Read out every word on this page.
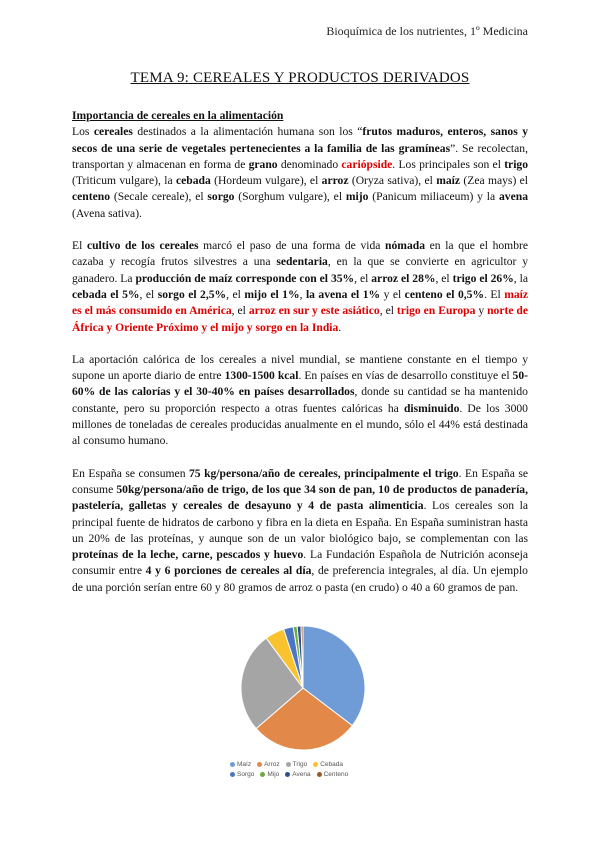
Bioquímica de los nutrientes, 1º Medicina
TEMA 9: CEREALES Y PRODUCTOS DERIVADOS

Importancia de cereales en la alimentación
Los cereales destinados a la alimentación humana son los “frutos maduros, enteros, sanos y secos de una serie de vegetales pertenecientes a la familia de las gramíneas”. Se recolectan, transportan y almacenan en forma de grano denominado cariópside. Los principales son el trigo (Triticum vulgare), la cebada (Hordeum vulgare), el arroz (Oryza sativa), el maíz (Zea mays) el centeno (Secale cereale), el sorgo (Sorghum vulgare), el mijo (Panicum miliaceum) y la avena (Avena sativa).

El cultivo de los cereales marcó el paso de una forma de vida nómada en la que el hombre cazaba y recogía frutos silvestres a una sedentaria, en la que se convierte en agricultor y ganadero. La producción de maíz corresponde con el 35%, el arroz el 28%, el trigo el 26%, la cebada el 5%, el sorgo el 2,5%, el mijo el 1%, la avena el 1% y el centeno el 0,5%. El maíz es el más consumido en América, el arroz en sur y este asiático, el trigo en Europa y norte de África y Oriente Próximo y el mijo y sorgo en la India.

La aportación calórica de los cereales a nivel mundial, se mantiene constante en el tiempo y supone un aporte diario de entre 1300-1500 kcal. En países en vías de desarrollo constituye el 50-60% de las calorías y el 30-40% en países desarrollados, donde su cantidad se ha mantenido constante, pero su proporción respecto a otras fuentes calóricas ha disminuido. De los 3000 millones de toneladas de cereales producidas anualmente en el mundo, sólo el 44% está destinada al consumo humano.

En España se consumen 75 kg/persona/año de cereales, principalmente el trigo. En España se consume 50kg/persona/año de trigo, de los que 34 son de pan, 10 de productos de panadería, pastelería, galletas y cereales de desayuno y 4 de pasta alimenticia. Los cereales son la principal fuente de hidratos de carbono y fibra en la dieta en España. En España suministran hasta un 20% de las proteínas, y aunque son de un valor biológico bajo, se complementan con las proteínas de la leche, carne, pescados y huevo. La Fundación Española de Nutrición aconseja consumir entre 4 y 6 porciones de cereales al día, de preferencia integrales, al día. Un ejemplo de una porción serían entre 60 y 80 gramos de arroz o pasta (en crudo) o 40 a 60 gramos de pan.

Maíz Arroz Trigo Cebada
Sorgo Mijo Avena Centeno
